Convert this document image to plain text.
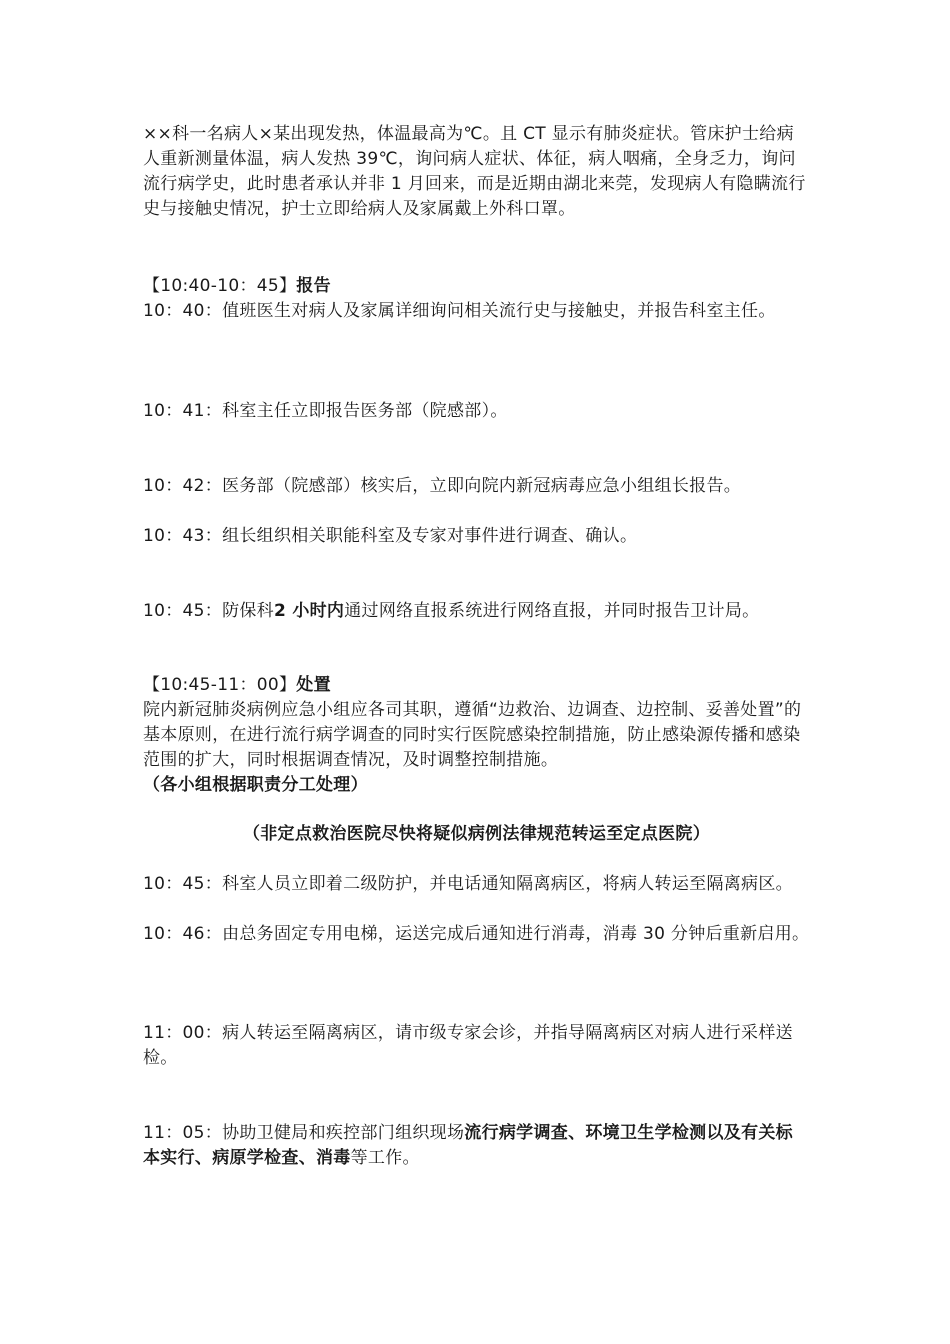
××科一名病人×某出现发热，体温最高为℃。且 CT 显示有肺炎症状。管床护士给病人重新测量体温，病人发热 39℃，询问病人症状、体征，病人咽痛，全身乏力，询问流行病学史，此时患者承认并非 1 月回来，而是近期由湖北来莞，发现病人有隐瞒流行史与接触史情况，护士立即给病人及家属戴上外科口罩。
【10:40-10：45】报告
10：40：值班医生对病人及家属详细询问相关流行史与接触史，并报告科室主任。
10：41：科室主任立即报告医务部（院感部）。
10：42：医务部（院感部）核实后，立即向院内新冠病毒应急小组组长报告。
10：43：组长组织相关职能科室及专家对事件进行调查、确认。
10：45：防保科2 小时内通过网络直报系统进行网络直报，并同时报告卫计局。
【10:45-11：00】处置
院内新冠肺炎病例应急小组应各司其职，遵循“边救治、边调查、边控制、妥善处置”的基本原则，在进行流行病学调查的同时实行医院感染控制措施，防止感染源传播和感染范围的扩大，同时根据调查情况，及时调整控制措施。
（各小组根据职责分工处理）
（非定点救治医院尽快将疑似病例法律规范转运至定点医院）
10：45：科室人员立即着二级防护，并电话通知隔离病区，将病人转运至隔离病区。
10：46：由总务固定专用电梯，运送完成后通知进行消毒，消毒 30 分钟后重新启用。
11：00：病人转运至隔离病区，请市级专家会诊，并指导隔离病区对病人进行采样送检。
11：05：协助卫健局和疾控部门组织现场流行病学调查、环境卫生学检测以及有关标本实行、病原学检查、消毒等工作。
